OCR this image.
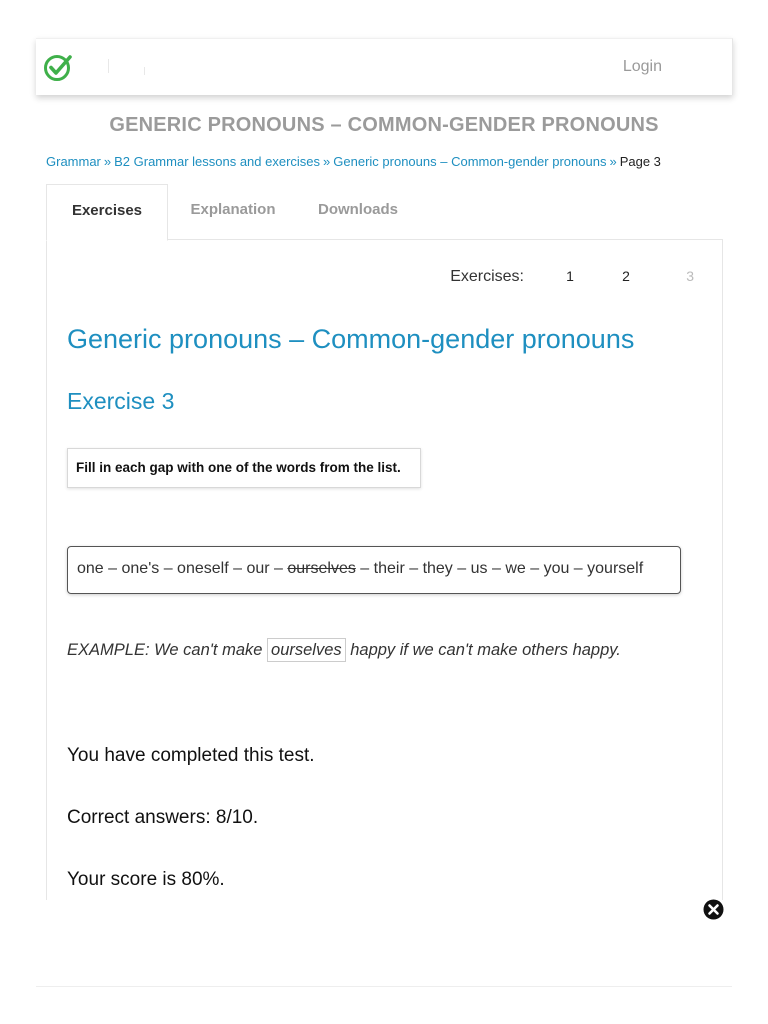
Login
GENERIC PRONOUNS – COMMON-GENDER PRONOUNS
Grammar » B2 Grammar lessons and exercises » Generic pronouns – Common-gender pronouns » Page 3
Exercises	Explanation	Downloads
Exercises:	1	2	3
Generic pronouns – Common-gender pronouns
Exercise 3
Fill in each gap with one of the words from the list.
one – one's – oneself – our – ourselves – their – they – us – we – you – yourself
EXAMPLE: We can't make ourselves happy if we can't make others happy.

You have completed this test.

Correct answers: 8/10.

Your score is 80%.
